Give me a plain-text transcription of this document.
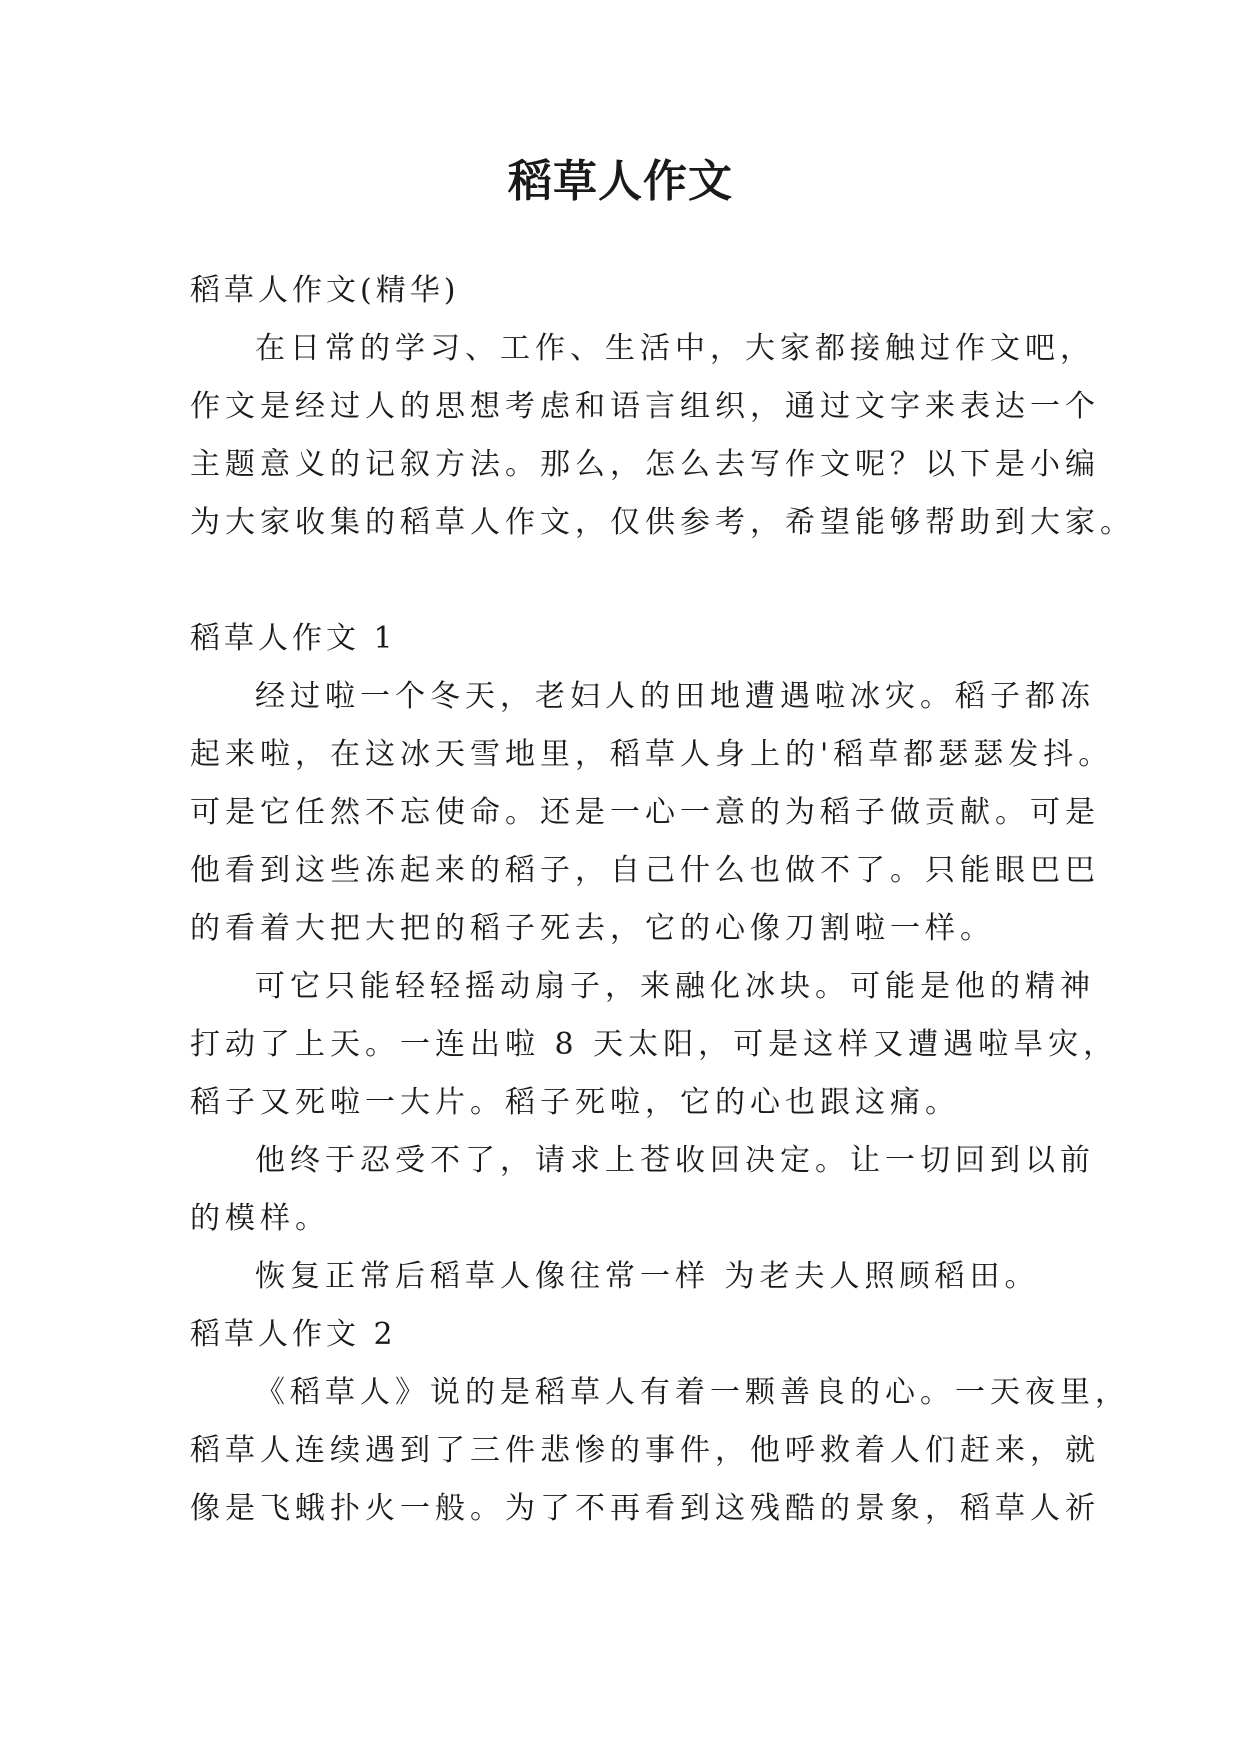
稻草人作文

稻草人作文(精华)

在日常的学习、工作、生活中，大家都接触过作文吧，
作文是经过人的思想考虑和语言组织，通过文字来表达一个
主题意义的记叙方法。那么，怎么去写作文呢？以下是小编
为大家收集的稻草人作文，仅供参考，希望能够帮助到大家。

稻草人作文 1

经过啦一个冬天，老妇人的田地遭遇啦冰灾。稻子都冻
起来啦，在这冰天雪地里，稻草人身上的'稻草都瑟瑟发抖。
可是它任然不忘使命。还是一心一意的为稻子做贡献。可是
他看到这些冻起来的稻子，自己什么也做不了。只能眼巴巴
的看着大把大把的稻子死去，它的心像刀割啦一样。

可它只能轻轻摇动扇子，来融化冰块。可能是他的精神
打动了上天。一连出啦 8 天太阳，可是这样又遭遇啦旱灾，
稻子又死啦一大片。稻子死啦，它的心也跟这痛。

他终于忍受不了，请求上苍收回决定。让一切回到以前
的模样。

恢复正常后稻草人像往常一样 为老夫人照顾稻田。

稻草人作文 2

《稻草人》说的是稻草人有着一颗善良的心。一天夜里，
稻草人连续遇到了三件悲惨的事件，他呼救着人们赶来，就
像是飞蛾扑火一般。为了不再看到这残酷的景象，稻草人祈
